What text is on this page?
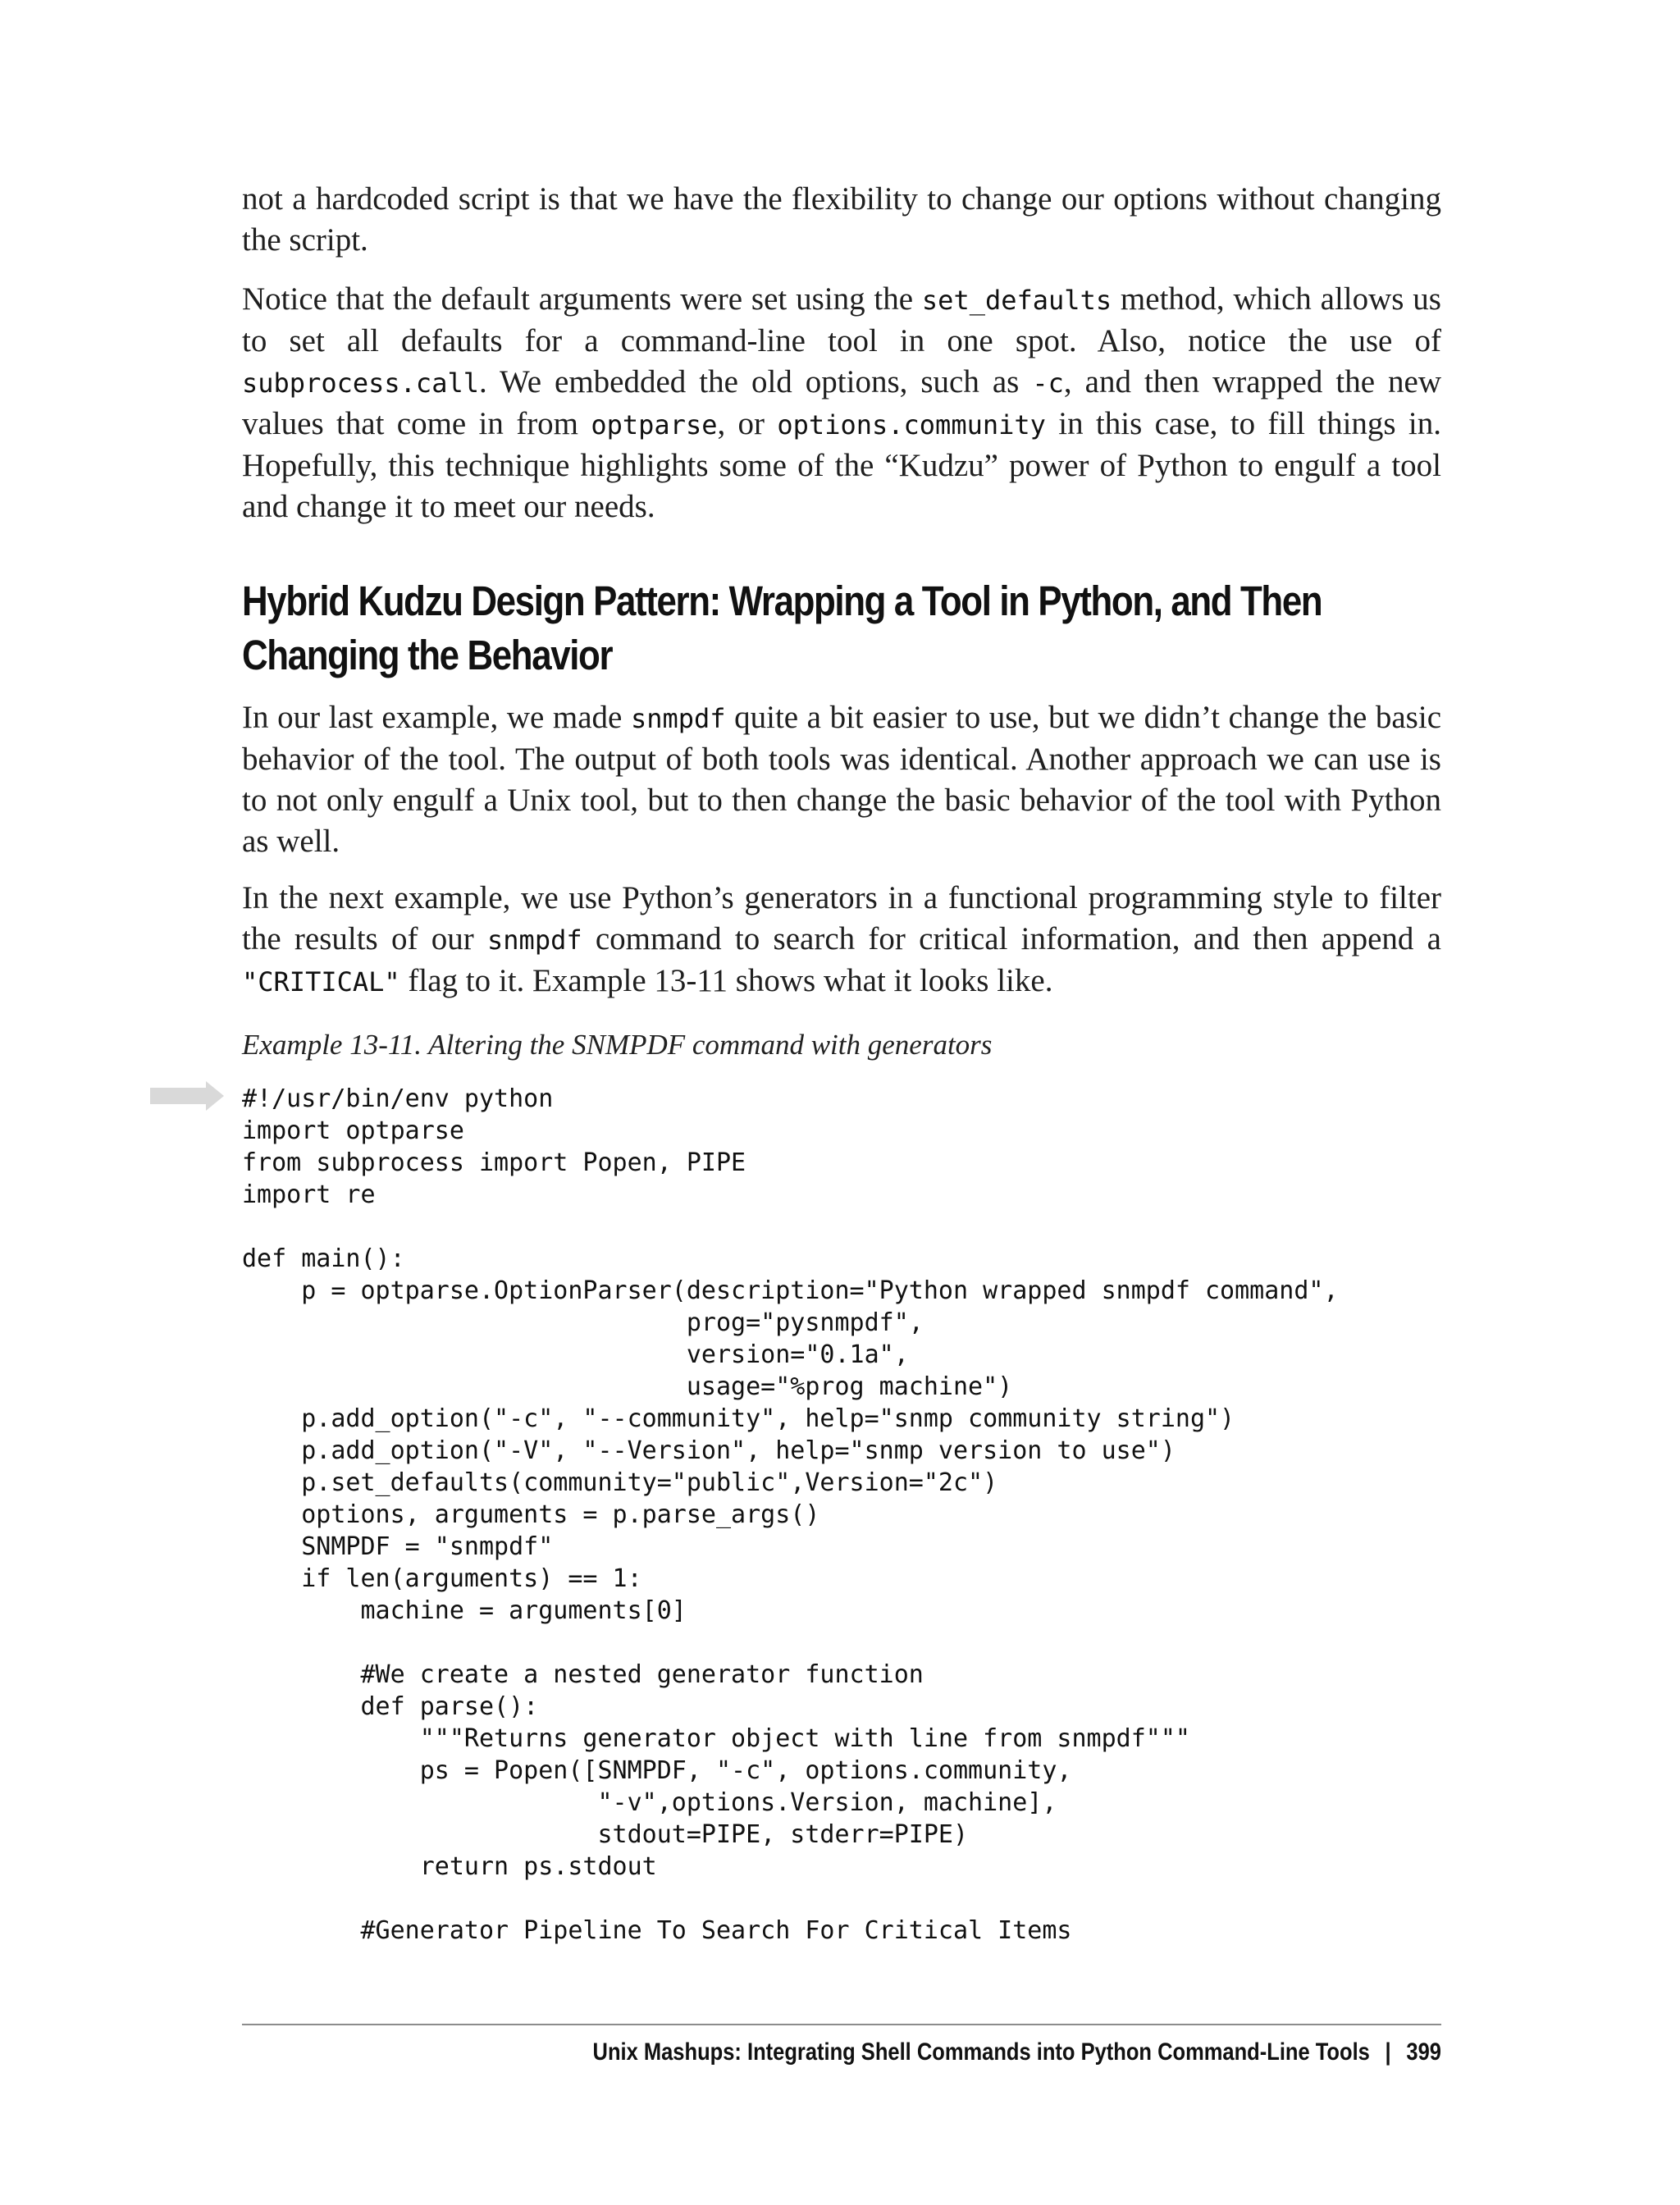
not a hardcoded script is that we have the flexibility to change our options without changing the script.

Notice that the default arguments were set using the set_defaults method, which allows us to set all defaults for a command-line tool in one spot. Also, notice the use of subprocess.call. We embedded the old options, such as -c, and then wrapped the new values that come in from optparse, or options.community in this case, to fill things in. Hopefully, this technique highlights some of the “Kudzu” power of Python to engulf a tool and change it to meet our needs.

Hybrid Kudzu Design Pattern: Wrapping a Tool in Python, and Then
Changing the Behavior

In our last example, we made snmpdf quite a bit easier to use, but we didn’t change the basic behavior of the tool. The output of both tools was identical. Another approach we can use is to not only engulf a Unix tool, but to then change the basic behavior of the tool with Python as well.

In the next example, we use Python’s generators in a functional programming style to filter the results of our snmpdf command to search for critical information, and then append a "CRITICAL" flag to it. Example 13-11 shows what it looks like.

Example 13-11. Altering the SNMPDF command with generators
#!/usr/bin/env python
import optparse
from subprocess import Popen, PIPE
import re

def main():
p = optparse.OptionParser(description="Python wrapped snmpdf command",
prog="pysnmpdf",
version="0.1a",
usage="%prog machine")
p.add_option("-c", "--community", help="snmp community string")
p.add_option("-V", "--Version", help="snmp version to use")
p.set_defaults(community="public",Version="2c")
options, arguments = p.parse_args()
SNMPDF = "snmpdf"
if len(arguments) == 1:
machine = arguments[0]

#We create a nested generator function
def parse():
"""Returns generator object with line from snmpdf"""
ps = Popen([SNMPDF, "-c", options.community,
"-v",options.Version, machine],
stdout=PIPE, stderr=PIPE)
return ps.stdout

#Generator Pipeline To Search For Critical Items
Unix Mashups: Integrating Shell Commands into Python Command-Line Tools | 399
